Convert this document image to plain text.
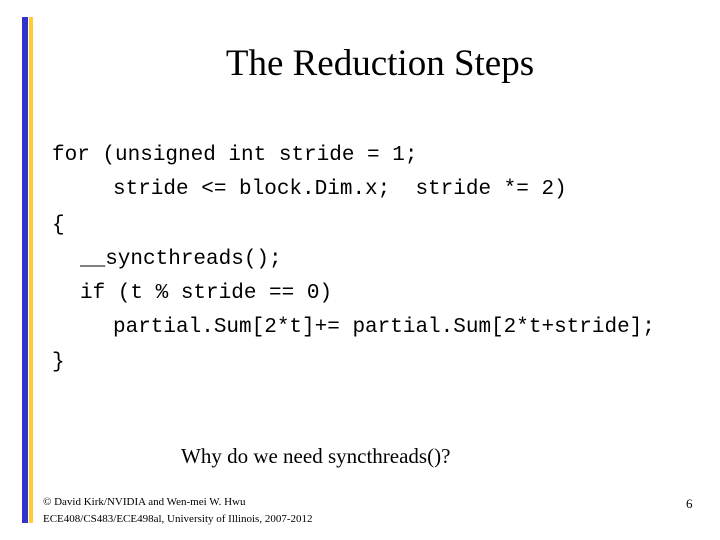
The Reduction Steps
for (unsigned int stride = 1;
stride <= block.Dim.x;  stride *= 2)
{
__syncthreads();
if (t % stride == 0)
partial.Sum[2*t]+= partial.Sum[2*t+stride];
}
Why do we need syncthreads()?
© David Kirk/NVIDIA and Wen-mei W. Hwu
ECE408/CS483/ECE498al, University of Illinois, 2007-2012
6
